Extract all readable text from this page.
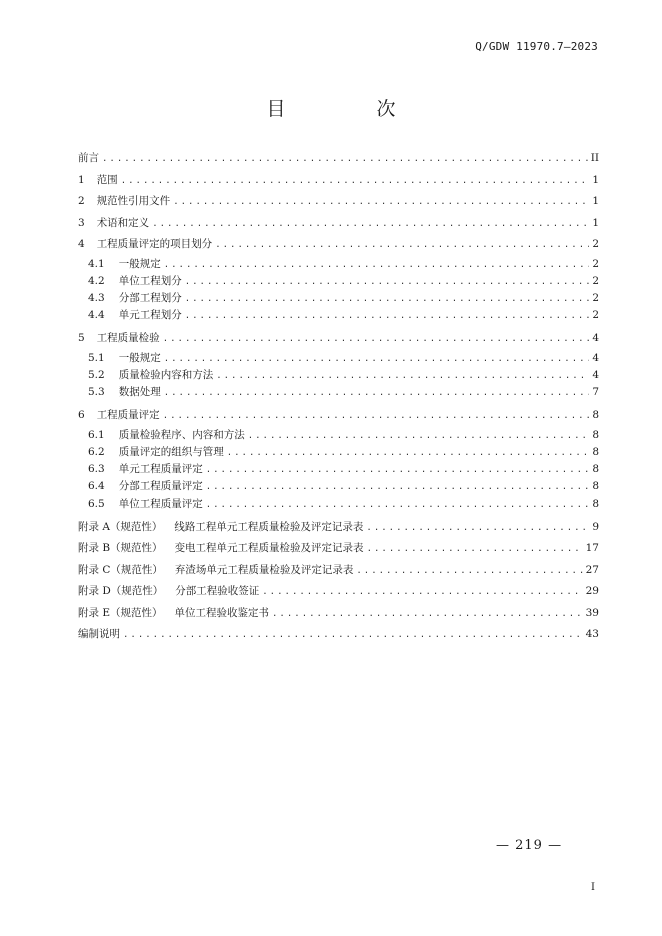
Q/GDW 11970.7—2023
目　次
前言 .....	II
1 范围 .....	1
2 规范性引用文件 .....	1
3 术语和定义 .....	1
4 工程质量评定的项目划分 .....	2
4.1 一般规定 .....	2
4.2 单位工程划分 .....	2
4.3 分部工程划分 .....	2
4.4 单元工程划分 .....	2
5 工程质量检验 .....	4
5.1 一般规定 .....	4
5.2 质量检验内容和方法 .....	4
5.3 数据处理 .....	7
6 工程质量评定 .....	8
6.1 质量检验程序、内容和方法 .....	8
6.2 质量评定的组织与管理 .....	8
6.3 单元工程质量评定 .....	8
6.4 分部工程质量评定 .....	8
6.5 单位工程质量评定 .....	8
附录 A（规范性） 线路工程单元工程质量检验及评定记录表 .....	9
附录 B（规范性） 变电工程单元工程质量检验及评定记录表 .....	17
附录 C（规范性） 弃渣场单元工程质量检验及评定记录表 .....	27
附录 D（规范性） 分部工程验收签证 .....	29
附录 E（规范性） 单位工程验收鉴定书 .....	39
编制说明 .....	43
— 219 —
I
